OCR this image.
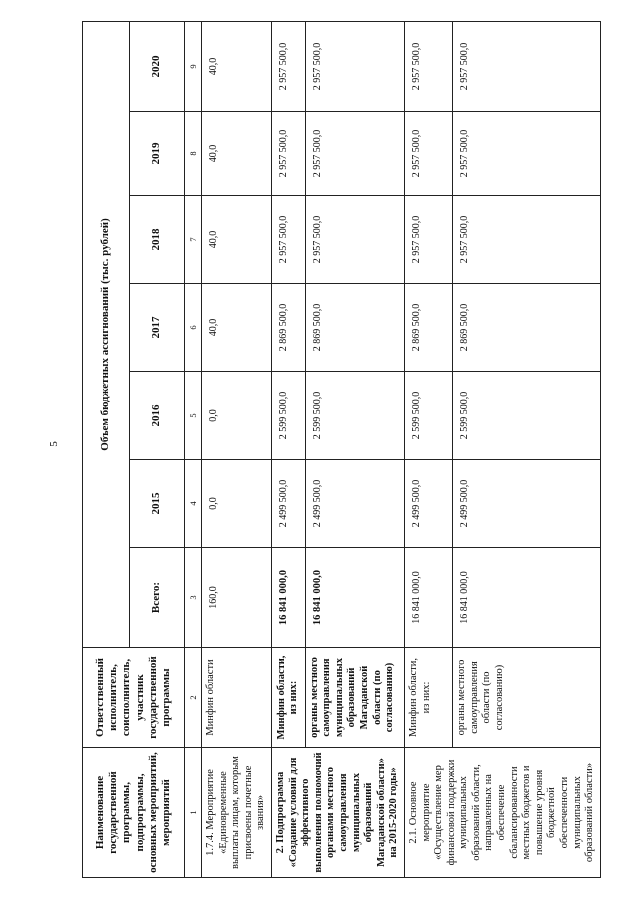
5
Наименование государственной программы, подпрограммы, основных мероприятий, мероприятий	Ответственный исполнитель, соисполнитель, участник государственной программы	Объем бюджетных ассигнований (тыс. рублей)						
		Всего:	2015	2016	2017	2018	2019	2020
1	2	3	4	5	6	7	8	9
1.7.4. Мероприятие «Единовременные выплаты лицам, которым присвоены почетные звания»	Минфин области	160,0	0,0	0,0	40,0	40,0	40,0	40,0
2. Подпрограмма «Создание условий для эффективного выполнения полномочий органами местного самоуправления муниципальных образований Магаданской области» на 2015-2020 годы»	Минфин области, из них:	16 841 000,0	2 499 500,0	2 599 500,0	2 869 500,0	2 957 500,0	2 957 500,0	2 957 500,0
	органы местного самоуправления муниципальных образований Магаданской области (по согласованию)	16 841 000,0	2 499 500,0	2 599 500,0	2 869 500,0	2 957 500,0	2 957 500,0	2 957 500,0
2.1. Основное мероприятие «Осуществление мер финансовой поддержки муниципальных образований области, направленных на обеспечение сбалансированности местных бюджетов и повышение уровня бюджетной обеспеченности муниципальных образований области»	Минфин области, из них:	16 841 000,0	2 499 500,0	2 599 500,0	2 869 500,0	2 957 500,0	2 957 500,0	2 957 500,0
	органы местного самоуправления области (по согласованию)	16 841 000,0	2 499 500,0	2 599 500,0	2 869 500,0	2 957 500,0	2 957 500,0	2 957 500,0
